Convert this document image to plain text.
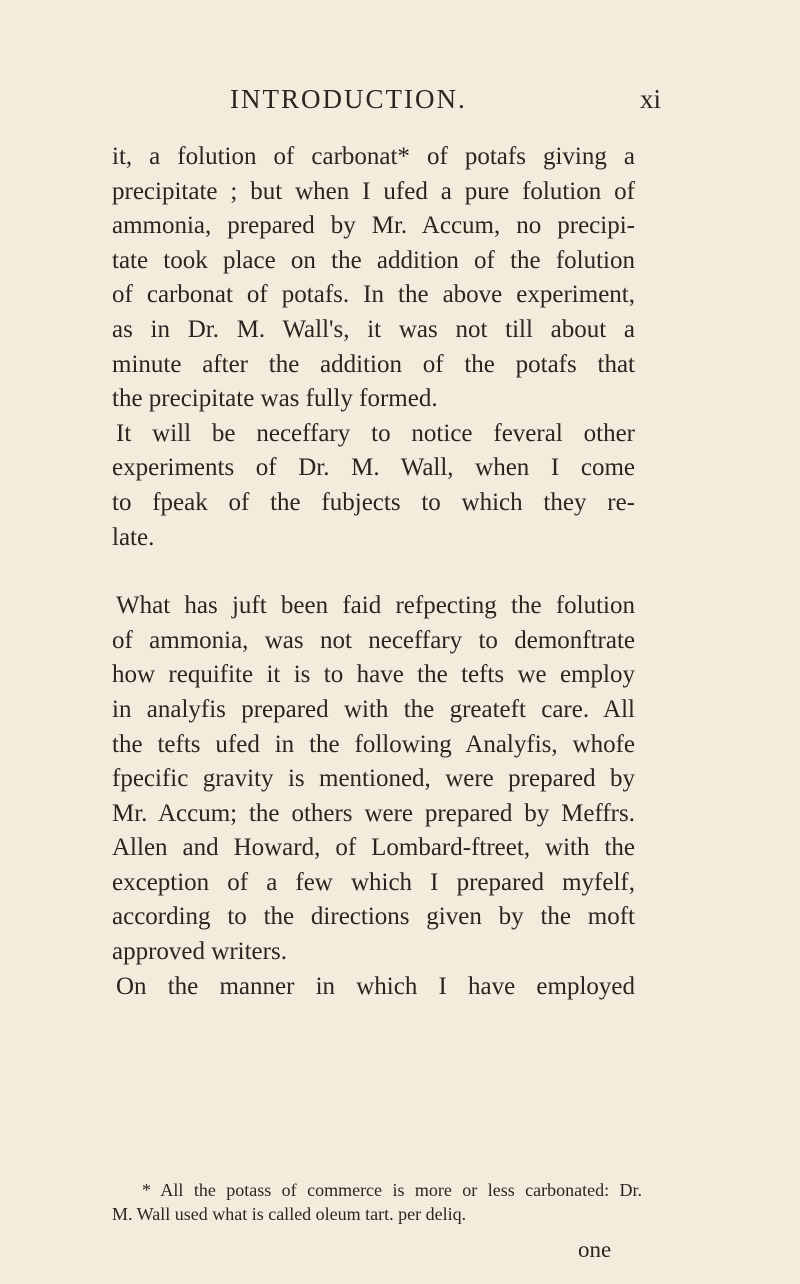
INTRODUCTION.	xi
it, a folution of carbonat* of potafs giving a
precipitate ; but when I ufed a pure folution of
ammonia, prepared by Mr. Accum, no precipi-
tate took place on the addition of the folution
of carbonat of potafs. In the above experiment,
as in Dr. M. Wall's, it was not till about a
minute after the addition of the potafs that
the precipitate was fully formed.
It will be neceffary to notice feveral other
experiments of Dr. M. Wall, when I come
to fpeak of the fubjects to which they re-
late.
What has juft been faid refpecting the folution
of ammonia, was not neceffary to demonftrate
how requifite it is to have the tefts we employ
in analyfis prepared with the greateft care. All
the tefts ufed in the following Analyfis, whofe
fpecific gravity is mentioned, were prepared by
Mr. Accum; the others were prepared by Meffrs.
Allen and Howard, of Lombard-ftreet, with the
exception of a few which I prepared myfelf,
according to the directions given by the moft
approved writers.
On the manner in which I have employed
* All the potass of commerce is more or less carbonated: Dr.
M. Wall used what is called oleum tart. per deliq.
one
